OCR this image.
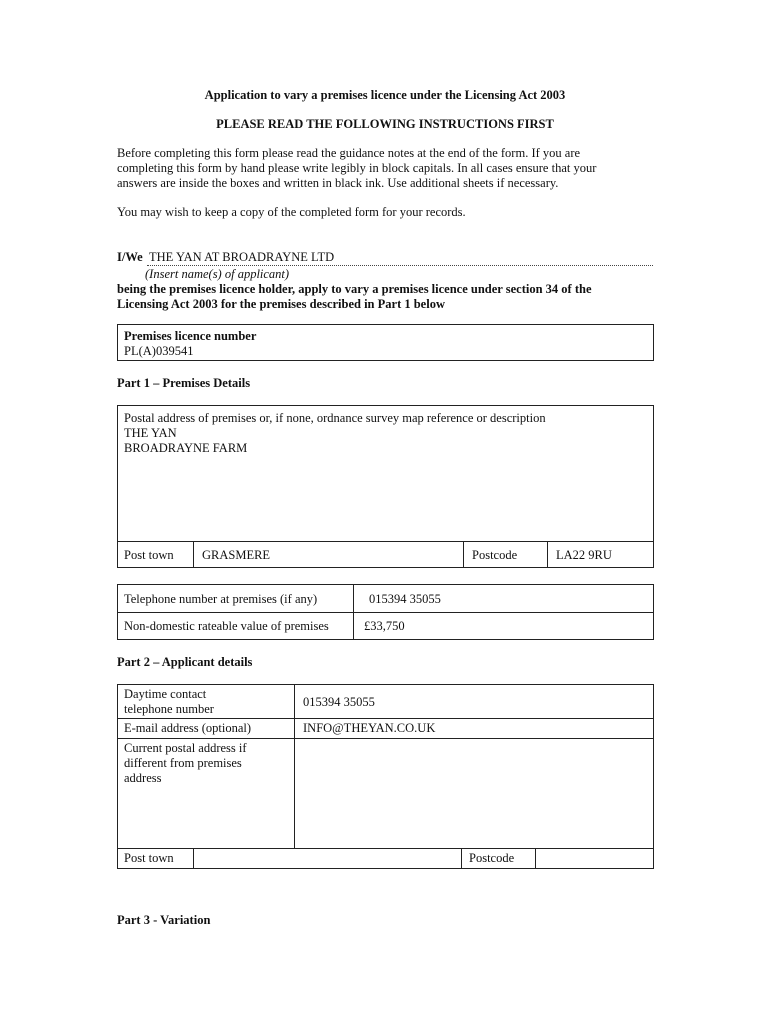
Application to vary a premises licence under the Licensing Act 2003
PLEASE READ THE FOLLOWING INSTRUCTIONS FIRST
Before completing this form please read the guidance notes at the end of the form. If you are
completing this form by hand please write legibly in block capitals. In all cases ensure that your
answers are inside the boxes and written in black ink. Use additional sheets if necessary.
You may wish to keep a copy of the completed form for your records.
I/We THE YAN AT BROADRAYNE LTD
(Insert name(s) of applicant)
being the premises licence holder, apply to vary a premises licence under section 34 of the
Licensing Act 2003 for the premises described in Part 1 below
Premises licence number
PL(A)039541
Part 1 – Premises Details
Postal address of premises or, if none, ordnance survey map reference or description
THE YAN
BROADRAYNE FARM
Post town GRASMERE	Postcode	LA22 9RU
Telephone number at premises (if any)	015394 35055
Non-domestic rateable value of premises	£33,750
Part 2 – Applicant details
Daytime contact
telephone number	015394 35055
E-mail address (optional)	INFO@THEYAN.CO.UK
Current postal address if
different from premises
address
Post town	Postcode
Part 3 - Variation
